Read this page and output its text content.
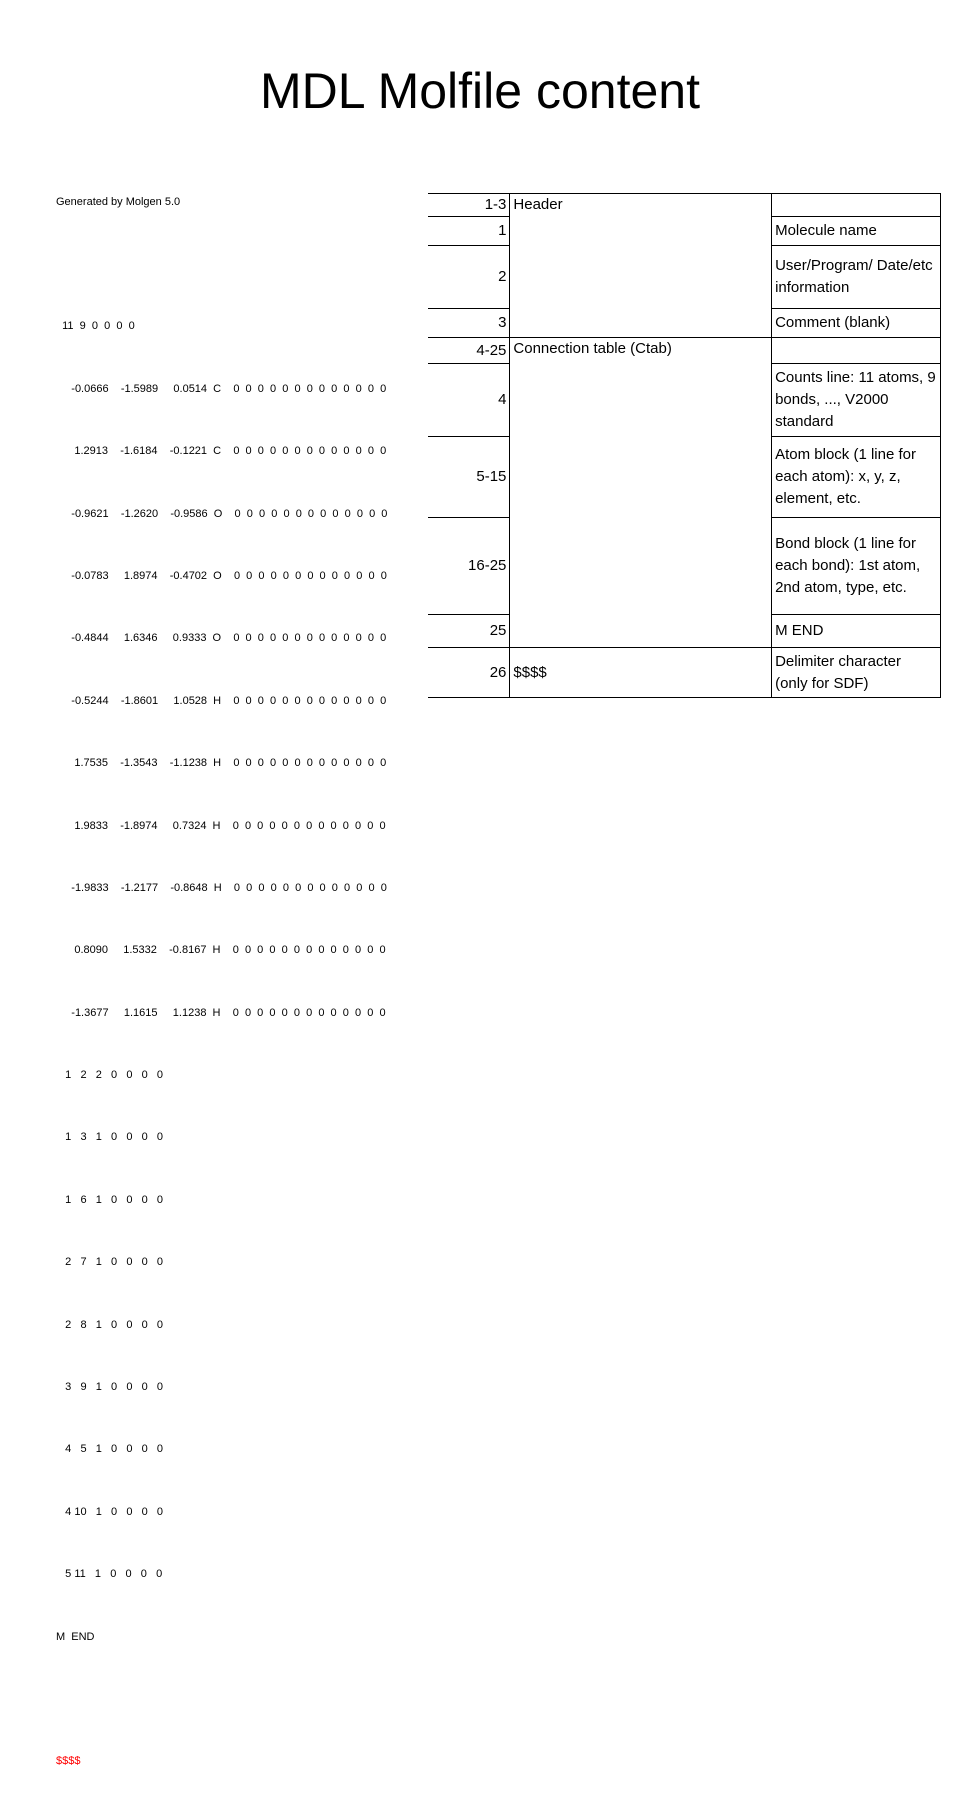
MDL Molfile content

Generated by Molgen 5.0

11  9  0  0  0  0

-0.0666    -1.5989     0.0514  C    0  0  0  0  0  0  0  0  0  0  0  0  0

1.2913    -1.6184    -0.1221  C    0  0  0  0  0  0  0  0  0  0  0  0  0

-0.9621    -1.2620    -0.9586  O    0  0  0  0  0  0  0  0  0  0  0  0  0

-0.0783     1.8974    -0.4702  O    0  0  0  0  0  0  0  0  0  0  0  0  0

-0.4844     1.6346     0.9333  O    0  0  0  0  0  0  0  0  0  0  0  0  0

-0.5244    -1.8601     1.0528  H    0  0  0  0  0  0  0  0  0  0  0  0  0

1.7535    -1.3543    -1.1238  H    0  0  0  0  0  0  0  0  0  0  0  0  0

1.9833    -1.8974     0.7324  H    0  0  0  0  0  0  0  0  0  0  0  0  0

-1.9833    -1.2177    -0.8648  H    0  0  0  0  0  0  0  0  0  0  0  0  0

0.8090     1.5332    -0.8167  H    0  0  0  0  0  0  0  0  0  0  0  0  0

-1.3677     1.1615     1.1238  H    0  0  0  0  0  0  0  0  0  0  0  0  0

1   2   2   0   0   0   0

1   3   1   0   0   0   0

1   6   1   0   0   0   0

2   7   1   0   0   0   0

2   8   1   0   0   0   0

3   9   1   0   0   0   0

4   5   1   0   0   0   0

4 10   1   0   0   0   0

5 11   1   0   0   0   0

M  END

$$$$

1-3	Header	
1		Molecule name
2		User/Program/ Date/etc information
3		Comment (blank)
4-25	Connection table (Ctab)	
4		Counts line: 11 atoms, 9 bonds, ..., V2000 standard
5-15		Atom block (1 line for each atom): x, y, z, element, etc.
16-25		Bond block (1 line for each bond): 1st atom, 2nd atom, type, etc.
25		M END
26	$$$$	Delimiter character (only for SDF)
